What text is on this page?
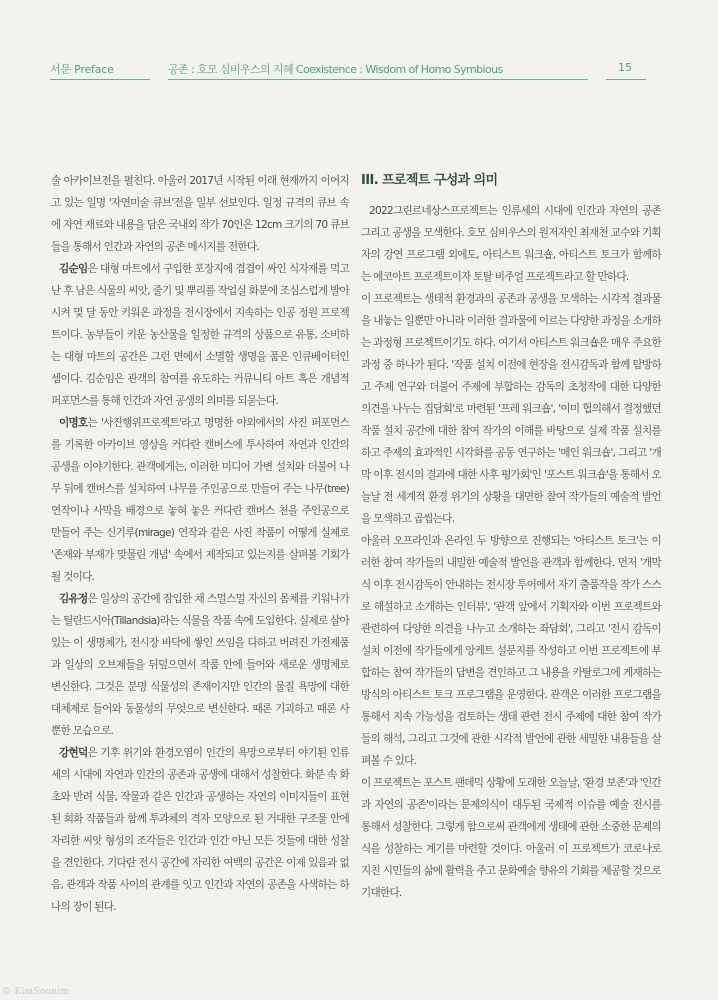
서문 Preface	공존 : 호모 심비우스의 지혜 Coexistence : Wisdom of Homo Symbious	15

술 아카이브전을 펼친다. 아울러 2017년 시작된 이래 현재까지 이어지고 있는 일명 '자연미술 큐브'전을 일부 선보인다. 일정 규격의 큐브 속에 자연 재료와 내용을 담은 국내외 작가 70인은 12cm 크기의 70 큐브들을 통해서 인간과 자연의 공존 메시지를 전한다.

김순임은 대형 마트에서 구입한 포장지에 겹겹이 싸인 식자재를 먹고 난 후 남은 식물의 씨앗, 줄기 및 뿌리를 작업실 화분에 조심스럽게 발아시켜 몇 달 동안 키워온 과정을 전시장에서 지속하는 인공 정원 프로젝트이다. 농부들이 키운 농산물을 일정한 규격의 상품으로 유통, 소비하는 대형 마트의 공간은 그런 면에서 소멸할 생명을 품은 인큐베이터인 셈이다. 김순임은 관객의 참여를 유도하는 커뮤니티 아트 혹은 개념적 퍼포먼스를 통해 인간과 자연 공생의 의미를 되묻는다.

이명호는 '사진행위프로젝트'라고 명명한 야외에서의 사진 퍼포먼스를 기록한 아카이브 영상을 커다란 캔버스에 투사하여 자연과 인간의 공생을 이야기한다. 관객에게는, 이러한 미디어 가변 설치와 더불어 나무 뒤에 캔버스를 설치하여 나무를 주인공으로 만들어 주는 나무(tree) 연작이나 사막을 배경으로 놓혀 놓은 커다란 캔버스 천을 주인공으로 만들어 주는 신기루(mirage) 연작과 같은 사진 작품이 어떻게 실제로 '존재와 부재가 맞물린 개념' 속에서 제작되고 있는지를 살펴볼 기회가 될 것이다.

김유정은 일상의 공간에 잠입한 채 스멀스멀 자신의 몸체를 키워나가는 틸란드시아(Tillandsia)라는 식물을 작품 속에 도입한다. 실제로 살아있는 이 생명체가, 전시장 바닥에 쌓인 쓰임을 다하고 버려진 가전제품과 일상의 오브제들을 뒤덮으면서 작품 안에 들어와 새로운 생명체로 변신한다. 그것은 분명 식물성의 존재이지만 인간의 물질 욕망에 대한 대체제로 들어와 동물성의 무엇으로 변신한다. 때론 기괴하고 때론 사뿐한 모습으로.

강현덕은 기후 위기와 환경오염이 인간의 욕망으로부터 야기된 인류세의 시대에 자연과 인간의 공존과 공생에 대해서 성찰한다. 화분 속 화초와 반려 식물, 작물과 같은 인간과 공생하는 자연의 이미지들이 표현된 회화 작품들과 함께 투과체의 격자 모양으로 된 거대한 구조물 안에 자리한 씨앗 형성의 조각들은 인간과 인간 아닌 모든 것들에 대한 성찰을 견인한다. 기다란 전시 공간에 자리한 여백의 공간은 이제 있음과 없음, 관객과 작품 사이의 관계를 잇고 인간과 자연의 공존을 사색하는 하나의 장이 된다.

III. 프로젝트 구성과 의미

2022그린르네상스프로젝트는 인류세의 시대에 인간과 자연의 공존 그리고 공생을 모색한다. 호모 심비우스의 원저자인 최재천 교수와 기획자의 강연 프로그램 외에도, 아티스트 워크숍, 아티스트 토크가 함께하는 에코아트 프로젝트이자 토탈 비주얼 프로젝트라고 할 만하다.

이 프로젝트는 생태적 환경과의 공존과 공생을 모색하는 시각적 결과물을 내놓는 일뿐만 아니라 이러한 결과물에 이르는 다양한 과정을 소개하는 과정형 프로젝트이기도 하다. 여기서 아티스트 워크숍은 매우 주요한 과정 중 하나가 된다. '작품 설치 이전에 현장을 전시감독과 함께 탐방하고 주제 연구와 더불어 주제에 부합하는 감독의 초청작에 대한 다양한 의견을 나누는 집담회'로 마련된 '프레 워크숍', '이미 협의해서 결정했던 작품 설치 공간에 대한 참여 작가의 이해를 바탕으로 실제 작품 설치를 하고 주제의 효과적인 시각화를 공동 연구하는 '메인 워크숍', 그리고 '개막 이후 전시의 결과에 대한 사후 평가회'인 '포스트 워크숍'을 통해서 오늘날 전 세계적 환경 위기의 상황을 대면한 참여 작가들의 예술적 발언을 모색하고 곱씹는다.

아울러 오프라인과 온라인 두 방향으로 진행되는 '아티스트 토크'는 이러한 참여 작가들의 내밀한 예술적 발언을 관객과 함께한다. 먼저 '개막식 이후 전시감독이 안내하는 전시장 투어에서 자기 출품작을 작가 스스로 해설하고 소개하는 인터뷰', '관객 앞에서 기획자와 이번 프로젝트와 관련하여 다양한 의견을 나누고 소개하는 좌담회', 그리고 '전시 감독이 설치 이전에 작가들에게 앙케트 설문지를 작성하고 이번 프로젝트에 부합하는 참여 작가들의 답변을 견인하고 그 내용을 카탈로그에 게재하는 방식의 아티스트 토크 프로그램을 운영한다. 관객은 이러한 프로그램을 통해서 지속 가능성을 검토하는 생태 관련 전시 주제에 대한 참여 작가들의 해석, 그리고 그것에 관한 시각적 발언에 관한 세밀한 내용들을 살펴볼 수 있다.

이 프로젝트는 포스트 팬데믹 상황에 도래한 오늘날, '환경 보존'과 '인간과 자연의 공존'이라는 문제의식이 대두된 국제적 이슈를 예술 전시를 통해서 성찰한다. 그렇게 함으로써 관객에게 생태에 관한 소중한 문제의식을 성찰하는 계기를 마련할 것이다. 아울러 이 프로젝트가 코로나로 지친 시민들의 삶에 활력을 주고 문화예술 향유의 기회를 제공할 것으로 기대한다.

© KimSoonim
